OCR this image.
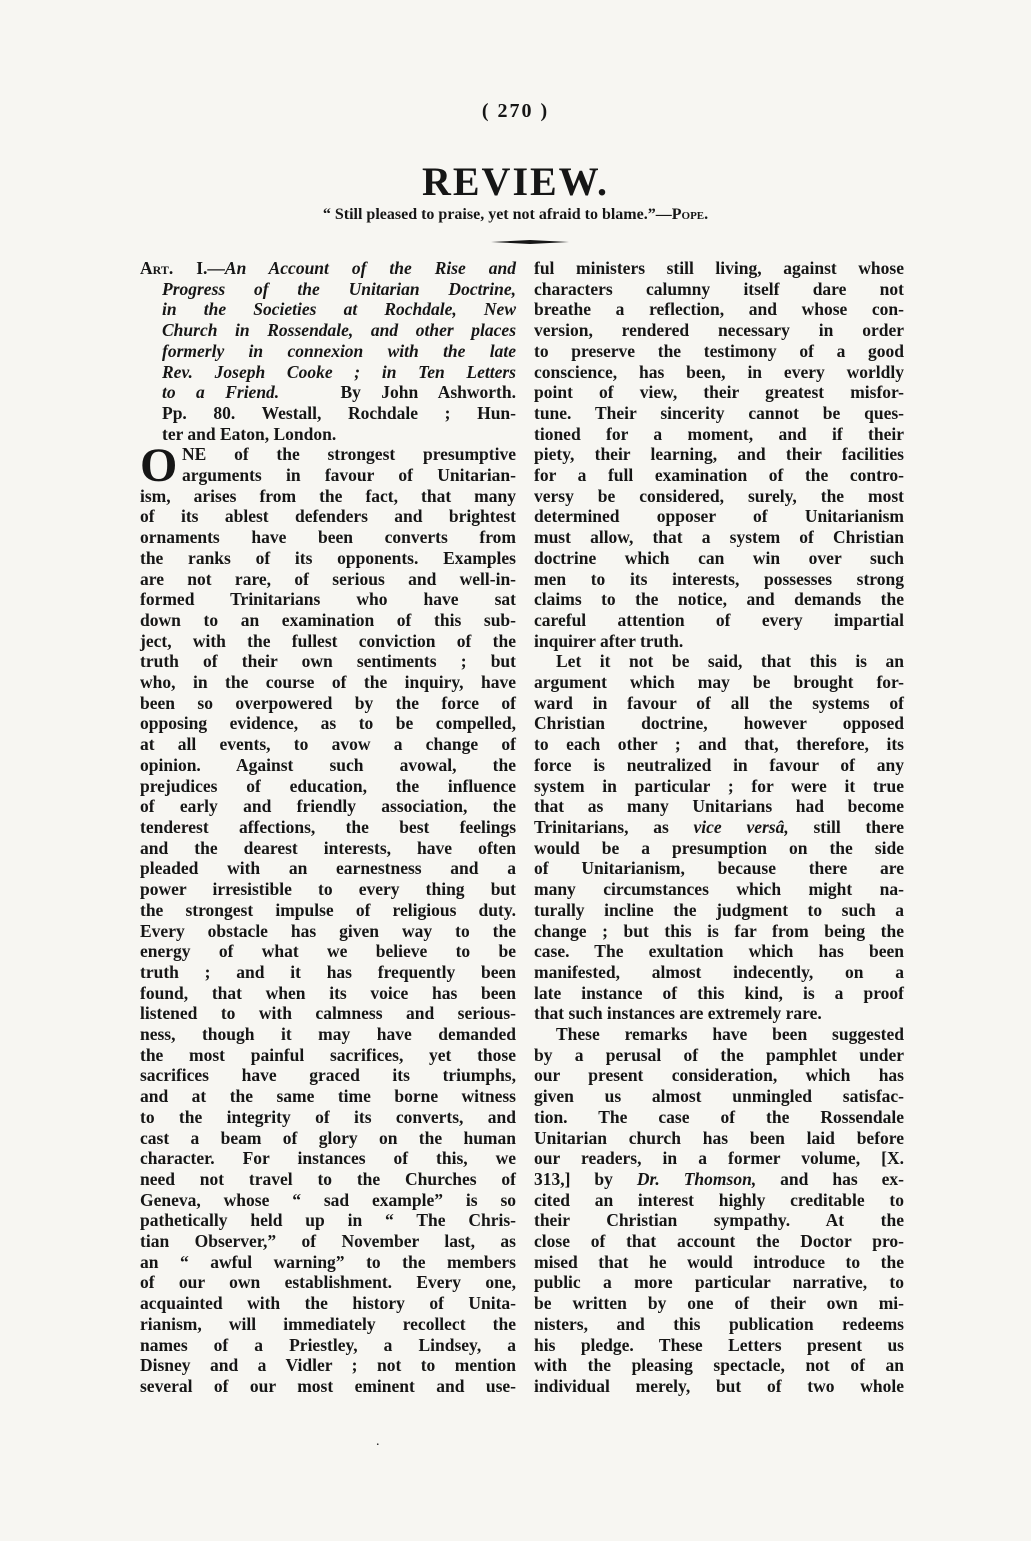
( 270 )
REVIEW.
“ Still pleased to praise, yet not afraid to blame.”—Pope.
Art. I.—An Account of the Rise and
Progress of the Unitarian Doctrine,
in the Societies at Rochdale, New
Church in Rossendale, and other places
formerly in connexion with the late
Rev. Joseph Cooke ; in Ten Letters
to a Friend.	By John Ashworth.
Pp. 80. Westall, Rochdale ; Hun-
ter and Eaton, London.
O NE of the strongest presumptive
arguments in favour of Unitarian-
ism, arises from the fact, that many
of its ablest defenders and brightest
ornaments have been converts from
the ranks of its opponents. Examples
are not rare, of serious and well-in-
formed Trinitarians who have sat
down to an examination of this sub-
ject, with the fullest conviction of the
truth of their own sentiments ; but
who, in the course of the inquiry, have
been so overpowered by the force of
opposing evidence, as to be compelled,
at all events, to avow a change of
opinion. Against such avowal, the
prejudices of education, the influence
of early and friendly association, the
tenderest affections, the best feelings
and the dearest interests, have often
pleaded with an earnestness and a
power irresistible to every thing but
the strongest impulse of religious duty.
Every obstacle has given way to the
energy of what we believe to be
truth ; and it has frequently been
found, that when its voice has been
listened to with calmness and serious-
ness, though it may have demanded
the most painful sacrifices, yet those
sacrifices have graced its triumphs,
and at the same time borne witness
to the integrity of its converts, and
cast a beam of glory on the human
character. For instances of this, we
need not travel to the Churches of
Geneva, whose “ sad example” is so
pathetically held up in “ The Chris-
tian Observer,” of November last, as
an “ awful warning” to the members
of our own establishment. Every one,
acquainted with the history of Unita-
rianism, will immediately recollect the
names of a Priestley, a Lindsey, a
Disney and a Vidler ; not to mention
several of our most eminent and use-
ful ministers still living, against whose
characters calumny itself dare not
breathe a reflection, and whose con-
version, rendered necessary in order
to preserve the testimony of a good
conscience, has been, in every worldly
point of view, their greatest misfor-
tune. Their sincerity cannot be ques-
tioned for a moment, and if their
piety, their learning, and their facilities
for a full examination of the contro-
versy be considered, surely, the most
determined opposer of Unitarianism
must allow, that a system of Christian
doctrine which can win over such
men to its interests, possesses strong
claims to the notice, and demands the
careful attention of every impartial
inquirer after truth.
Let it not be said, that this is an
argument which may be brought for-
ward in favour of all the systems of
Christian doctrine, however opposed
to each other ; and that, therefore, its
force is neutralized in favour of any
system in particular ; for were it true
that as many Unitarians had become
Trinitarians, as vice versâ, still there
would be a presumption on the side
of Unitarianism, because there are
many circumstances which might na-
turally incline the judgment to such a
change ; but this is far from being the
case. The exultation which has been
manifested, almost indecently, on a
late instance of this kind, is a proof
that such instances are extremely rare.
These remarks have been suggested
by a perusal of the pamphlet under
our present consideration, which has
given us almost unmingled satisfac-
tion. The case of the Rossendale
Unitarian church has been laid before
our readers, in a former volume, [X.
313,] by Dr. Thomson, and has ex-
cited an interest highly creditable to
their Christian sympathy. At the
close of that account the Doctor pro-
mised that he would introduce to the
public a more particular narrative, to
be written by one of their own mi-
nisters, and this publication redeems
his pledge. These Letters present us
with the pleasing spectacle, not of an
individual merely, but of two whole
.
